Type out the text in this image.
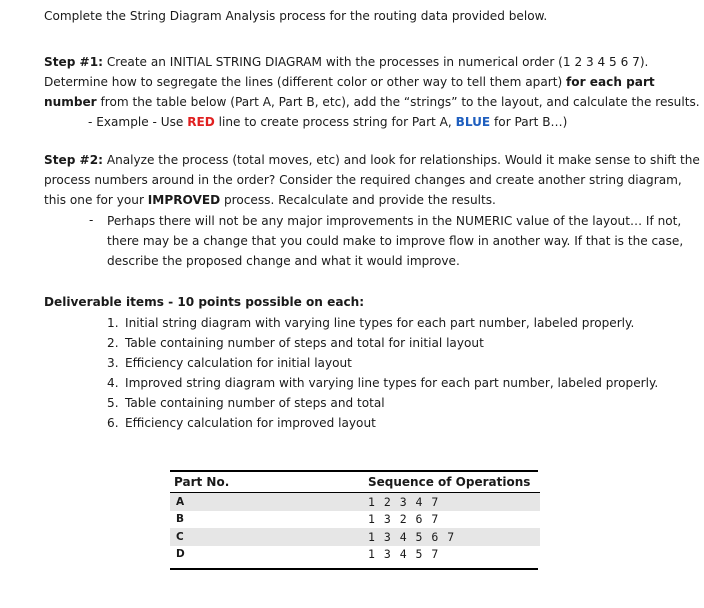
Complete the String Diagram Analysis process for the routing data provided below.
Step #1: Create an INITIAL STRING DIAGRAM with the processes in numerical order (1 2 3 4 5 6 7).
Determine how to segregate the lines (different color or other way to tell them apart) for each part
number from the table below (Part A, Part B, etc), add the “strings” to the layout, and calculate the results.
- Example - Use RED line to create process string for Part A, BLUE for Part B…)
Step #2: Analyze the process (total moves, etc) and look for relationships. Would it make sense to shift the
process numbers around in the order? Consider the required changes and create another string diagram,
this one for your IMPROVED process. Recalculate and provide the results.
- Perhaps there will not be any major improvements in the NUMERIC value of the layout… If not,
there may be a change that you could make to improve flow in another way. If that is the case,
describe the proposed change and what it would improve.
Deliverable items - 10 points possible on each:
1. Initial string diagram with varying line types for each part number, labeled properly.
2. Table containing number of steps and total for initial layout
3. Efficiency calculation for initial layout
4. Improved string diagram with varying line types for each part number, labeled properly.
5. Table containing number of steps and total
6. Efficiency calculation for improved layout
Part No.	Sequence of Operations
A	1 2 3 4 7
B	1 3 2 6 7
C	1 3 4 5 6 7
D	1 3 4 5 7
